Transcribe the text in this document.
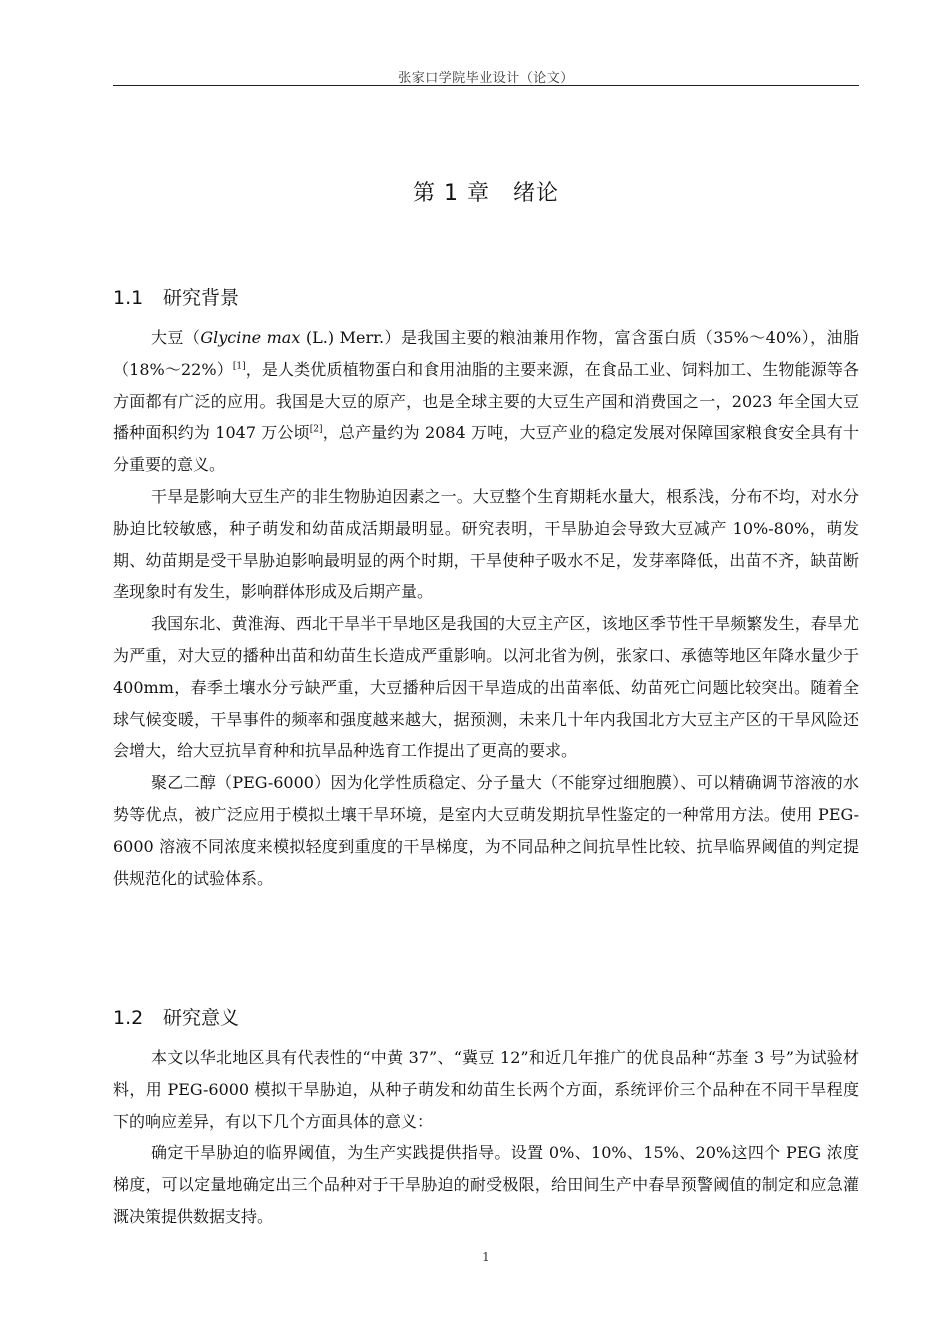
张家口学院毕业设计（论文）
第 1 章　绪论
1.1 研究背景

大豆（Glycine max (L.) Merr.）是我国主要的粮油兼用作物，富含蛋白质（35%～40%），油脂（18%～22%）[1]，是人类优质植物蛋白和食用油脂的主要来源，在食品工业、饲料加工、生物能源等各方面都有广泛的应用。我国是大豆的原产，也是全球主要的大豆生产国和消费国之一，2023 年全国大豆播种面积约为 1047 万公顷[2]，总产量约为 2084 万吨，大豆产业的稳定发展对保障国家粮食安全具有十分重要的意义。

干旱是影响大豆生产的非生物胁迫因素之一。大豆整个生育期耗水量大，根系浅，分布不均，对水分胁迫比较敏感，种子萌发和幼苗成活期最明显。研究表明，干旱胁迫会导致大豆减产 10%-80%，萌发期、幼苗期是受干旱胁迫影响最明显的两个时期，干旱使种子吸水不足，发芽率降低，出苗不齐，缺苗断垄现象时有发生，影响群体形成及后期产量。

我国东北、黄淮海、西北干旱半干旱地区是我国的大豆主产区，该地区季节性干旱频繁发生，春旱尤为严重，对大豆的播种出苗和幼苗生长造成严重影响。以河北省为例，张家口、承德等地区年降水量少于 400mm，春季土壤水分亏缺严重，大豆播种后因干旱造成的出苗率低、幼苗死亡问题比较突出。随着全球气候变暖，干旱事件的频率和强度越来越大，据预测，未来几十年内我国北方大豆主产区的干旱风险还会增大，给大豆抗旱育种和抗旱品种选育工作提出了更高的要求。

聚乙二醇（PEG-6000）因为化学性质稳定、分子量大（不能穿过细胞膜）、可以精确调节溶液的水势等优点，被广泛应用于模拟土壤干旱环境，是室内大豆萌发期抗旱性鉴定的一种常用方法。使用 PEG-6000 溶液不同浓度来模拟轻度到重度的干旱梯度，为不同品种之间抗旱性比较、抗旱临界阈值的判定提供规范化的试验体系。

1.2 研究意义

本文以华北地区具有代表性的“中黄 37”、“冀豆 12”和近几年推广的优良品种“苏奎 3 号”为试验材料，用 PEG-6000 模拟干旱胁迫，从种子萌发和幼苗生长两个方面，系统评价三个品种在不同干旱程度下的响应差异，有以下几个方面具体的意义：

确定干旱胁迫的临界阈值，为生产实践提供指导。设置 0%、10%、15%、20%这四个 PEG 浓度梯度，可以定量地确定出三个品种对于干旱胁迫的耐受极限，给田间生产中春旱预警阈值的制定和应急灌溉决策提供数据支持。

1
